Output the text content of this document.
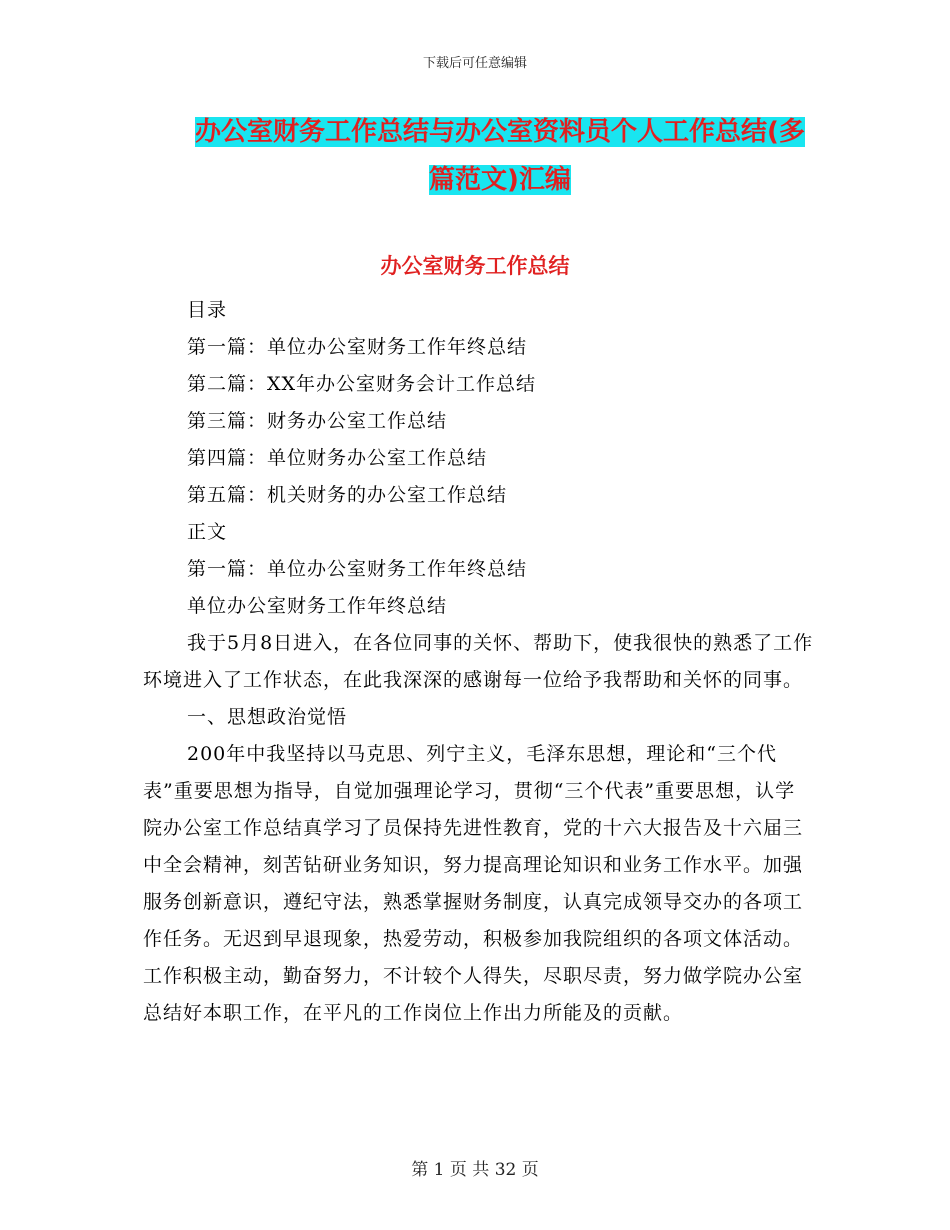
下载后可任意编辑
办公室财务工作总结与办公室资料员个人工作总结(多篇范文)汇编
办公室财务工作总结

目录

第一篇：单位办公室财务工作年终总结

第二篇：XX年办公室财务会计工作总结

第三篇：财务办公室工作总结

第四篇：单位财务办公室工作总结

第五篇：机关财务的办公室工作总结

正文

第一篇：单位办公室财务工作年终总结

单位办公室财务工作年终总结

我于5月8日进入，在各位同事的关怀、帮助下，使我很快的熟悉了工作环境进入了工作状态，在此我深深的感谢每一位给予我帮助和关怀的同事。

一、思想政治觉悟

200年中我坚持以马克思、列宁主义，毛泽东思想，理论和“三个代表”重要思想为指导，自觉加强理论学习，贯彻“三个代表”重要思想，认学院办公室工作总结真学习了员保持先进性教育，党的十六大报告及十六届三中全会精神，刻苦钻研业务知识，努力提高理论知识和业务工作水平。加强服务创新意识，遵纪守法，熟悉掌握财务制度，认真完成领导交办的各项工作任务。无迟到早退现象，热爱劳动，积极参加我院组织的各项文体活动。工作积极主动，勤奋努力，不计较个人得失，尽职尽责，努力做学院办公室总结好本职工作，在平凡的工作岗位上作出力所能及的贡献。

第 1 页 共 32 页
